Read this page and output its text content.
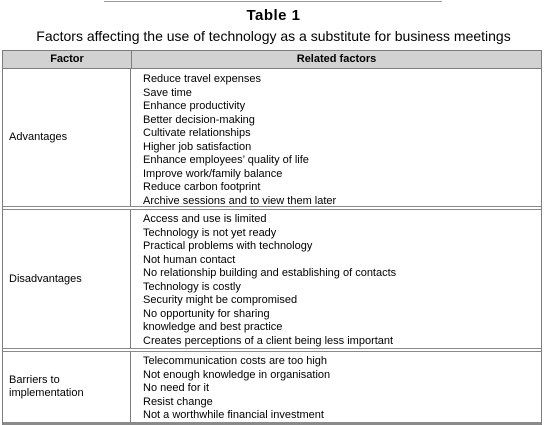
Table 1
Factors affecting the use of technology as a substitute for business meetings
Factor	Related factors
Advantages
Reduce travel expenses
Save time
Enhance productivity
Better decision-making
Cultivate relationships
Higher job satisfaction
Enhance employees’ quality of life
Improve work/family balance
Reduce carbon footprint
Archive sessions and to view them later
Disadvantages
Access and use is limited
Technology is not yet ready
Practical problems with technology
Not human contact
No relationship building and establishing of contacts
Technology is costly
Security might be compromised
No opportunity for sharing
knowledge and best practice
Creates perceptions of a client being less important
Barriers to implementation
Telecommunication costs are too high
Not enough knowledge in organisation
No need for it
Resist change
Not a worthwhile financial investment
